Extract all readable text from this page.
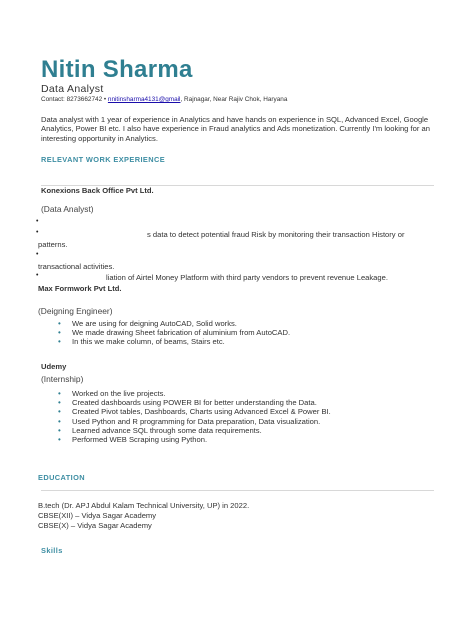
Nitin Sharma
Data Analyst
Contact: 8273662742 • nnitinsharma4131@gmail, Rajnagar, Near Rajiv Chok, Haryana
Data analyst with 1 year of experience in Analytics and have hands on experience in SQL, Advanced Excel, Google Analytics, Power BI etc. I also have experience in Fraud analytics and Ads monetization. Currently I'm looking for an interesting opportunity in Analytics.
RELEVANT WORK EXPERIENCE
Konexions Back Office Pvt Ltd.
(Data Analyst)
•
•	s data to detect potential fraud Risk by monitoring their transaction History or
patterns.
•
transactional activities.
•	liation of Airtel Money Platform with third party vendors to prevent revenue Leakage.
Max Formwork Pvt Ltd.
(Deigning Engineer)
• We are using for deigning AutoCAD, Solid works.
• We made drawing Sheet fabrication of aluminium from AutoCAD.
• In this we make column, of beams, Stairs etc.
Udemy
(Internship)
• Worked on the live projects.
• Created dashboards using POWER BI for better understanding the Data.
• Created Pivot tables, Dashboards, Charts using Advanced Excel & Power BI.
• Used Python and R programming for Data preparation, Data visualization.
• Learned advance SQL through some data requirements.
• Performed WEB Scraping using Python.
EDUCATION
B.tech (Dr. APJ Abdul Kalam Technical University, UP) in 2022.
CBSE(XII) – Vidya Sagar Academy
CBSE(X) – Vidya Sagar Academy
Skills
